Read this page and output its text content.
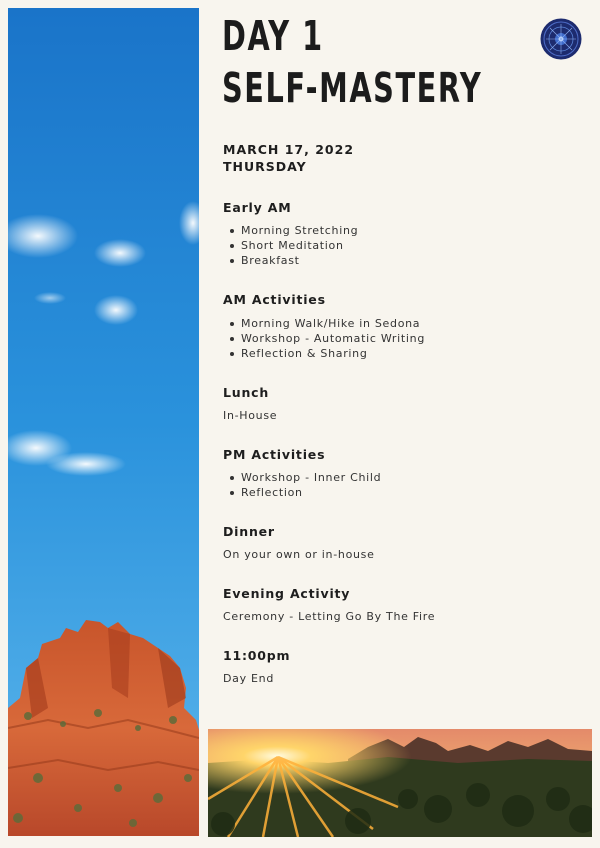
DAY 1
SELF-MASTERY
MARCH 17, 2022
THURSDAY
Early AM
Morning Stretching
Short Meditation
Breakfast
AM Activities
Morning Walk/Hike in Sedona
Workshop - Automatic Writing
Reflection & Sharing
Lunch
In-House
PM Activities
Workshop - Inner Child
Reflection
Dinner
On your own or in-house
Evening Activity
Ceremony - Letting Go By The Fire
11:00pm
Day End
